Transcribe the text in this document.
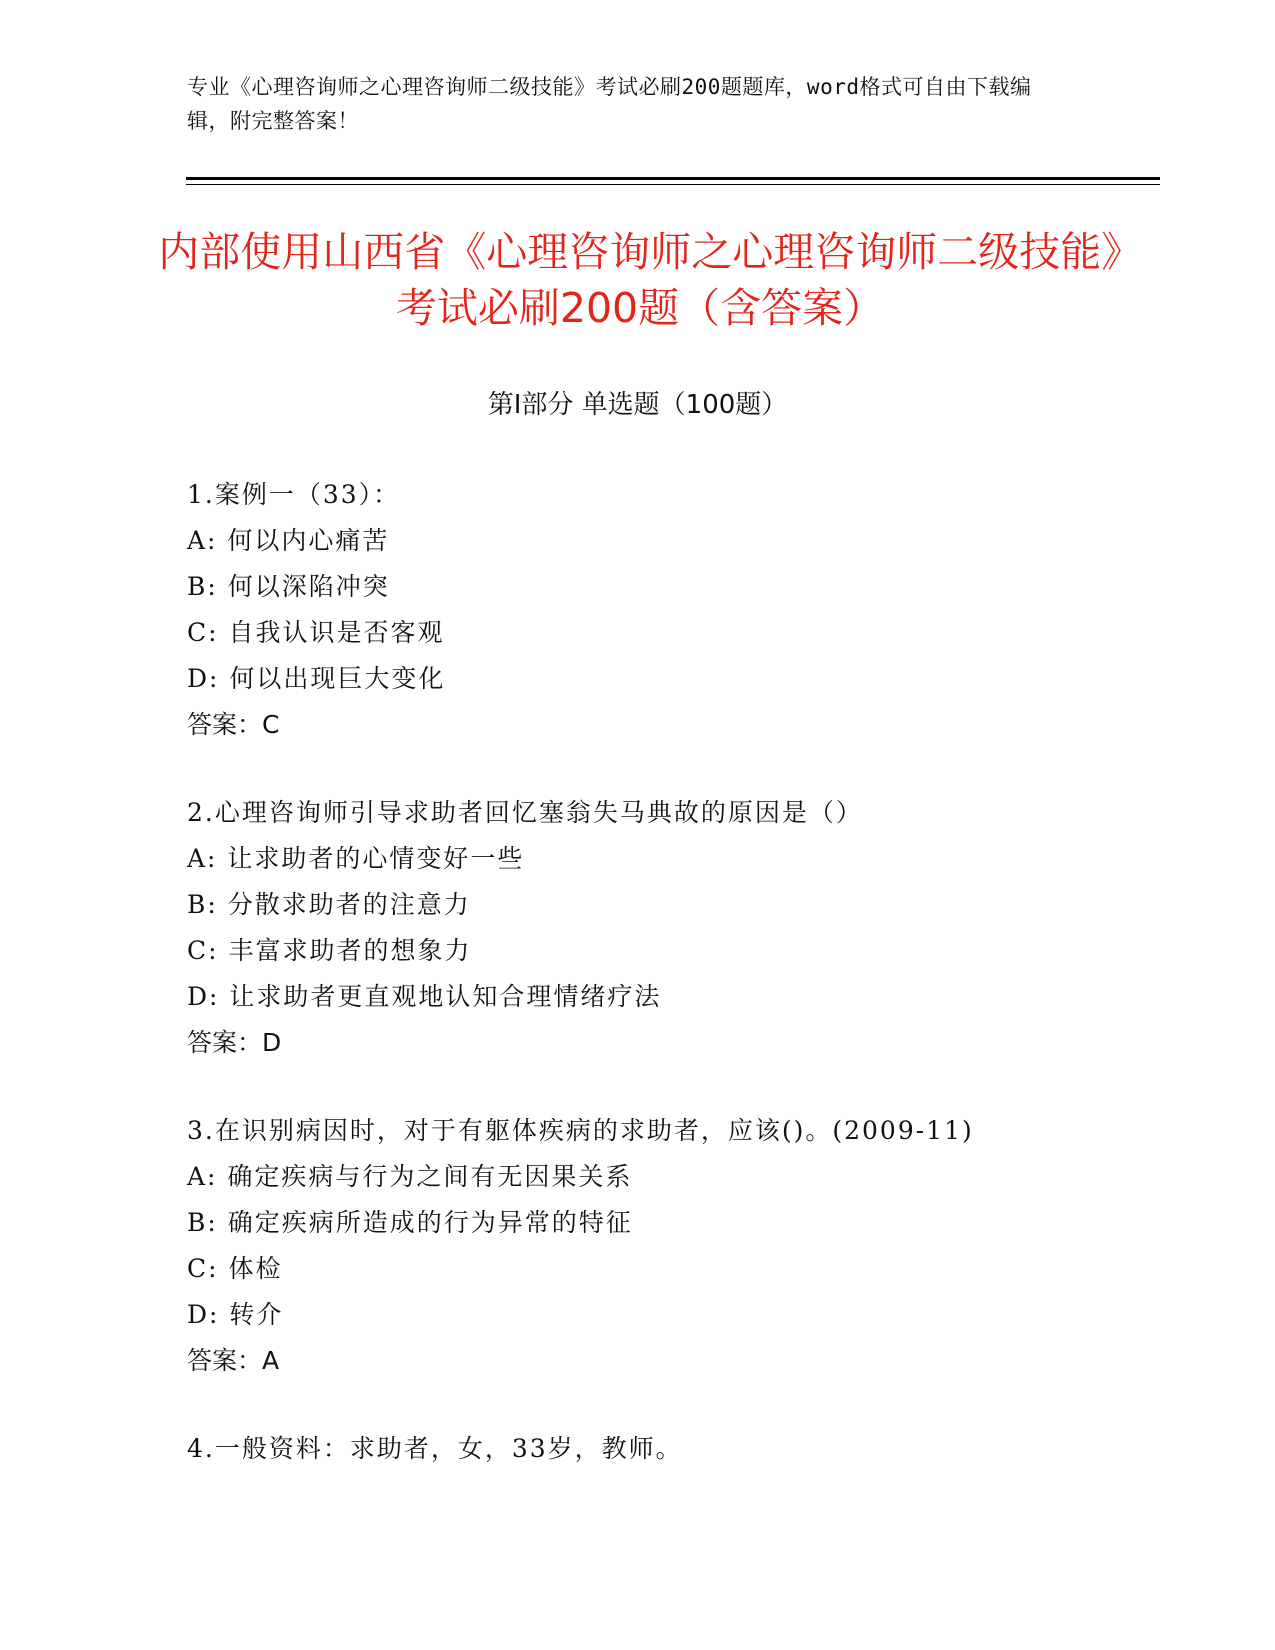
专业《心理咨询师之心理咨询师二级技能》考试必刷200题题库，word格式可自由下载编辑，附完整答案！
内部使用山西省《心理咨询师之心理咨询师二级技能》考试必刷200题（含答案）
第Ⅰ部分 单选题（100题）
1.案例一（33）：
A: 何以内心痛苦
B: 何以深陷冲突
C: 自我认识是否客观
D: 何以出现巨大变化
答案：C
2.心理咨询师引导求助者回忆塞翁失马典故的原因是（）
A: 让求助者的心情变好一些
B: 分散求助者的注意力
C: 丰富求助者的想象力
D: 让求助者更直观地认知合理情绪疗法
答案：D
3.在识别病因时，对于有躯体疾病的求助者，应该()。(2009-11)
A: 确定疾病与行为之间有无因果关系
B: 确定疾病所造成的行为异常的特征
C: 体检
D: 转介
答案：A
4.一般资料：求助者，女，33岁，教师。
